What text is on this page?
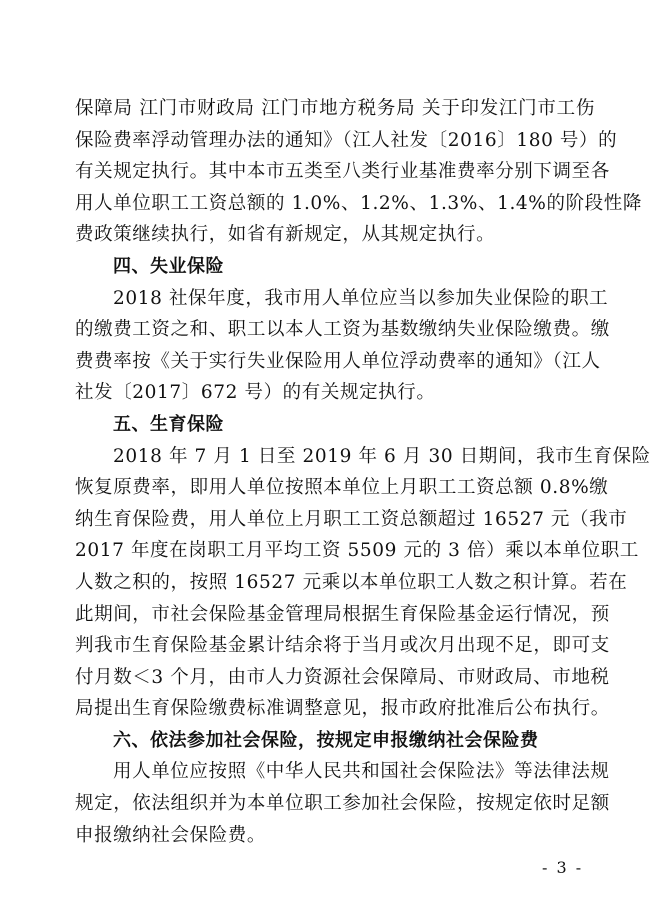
保障局 江门市财政局 江门市地方税务局 关于印发江门市工伤
保险费率浮动管理办法的通知》（江人社发〔2016〕180 号）的
有关规定执行。其中本市五类至八类行业基准费率分别下调至各
用人单位职工工资总额的 1.0%、1.2%、1.3%、1.4%的阶段性降
费政策继续执行，如省有新规定，从其规定执行。

四、失业保险

2018 社保年度，我市用人单位应当以参加失业保险的职工
的缴费工资之和、职工以本人工资为基数缴纳失业保险缴费。缴
费费率按《关于实行失业保险用人单位浮动费率的通知》（江人
社发〔2017〕672 号）的有关规定执行。

五、生育保险

2018 年 7 月 1 日至 2019 年 6 月 30 日期间，我市生育保险
恢复原费率，即用人单位按照本单位上月职工工资总额 0.8%缴
纳生育保险费，用人单位上月职工工资总额超过 16527 元（我市
2017 年度在岗职工月平均工资 5509 元的 3 倍）乘以本单位职工
人数之积的，按照 16527 元乘以本单位职工人数之积计算。若在
此期间，市社会保险基金管理局根据生育保险基金运行情况，预
判我市生育保险基金累计结余将于当月或次月出现不足，即可支
付月数＜3 个月，由市人力资源社会保障局、市财政局、市地税
局提出生育保险缴费标准调整意见，报市政府批准后公布执行。

六、依法参加社会保险，按规定申报缴纳社会保险费

用人单位应按照《中华人民共和国社会保险法》等法律法规
规定，依法组织并为本单位职工参加社会保险，按规定依时足额
申报缴纳社会保险费。

- 3 -
